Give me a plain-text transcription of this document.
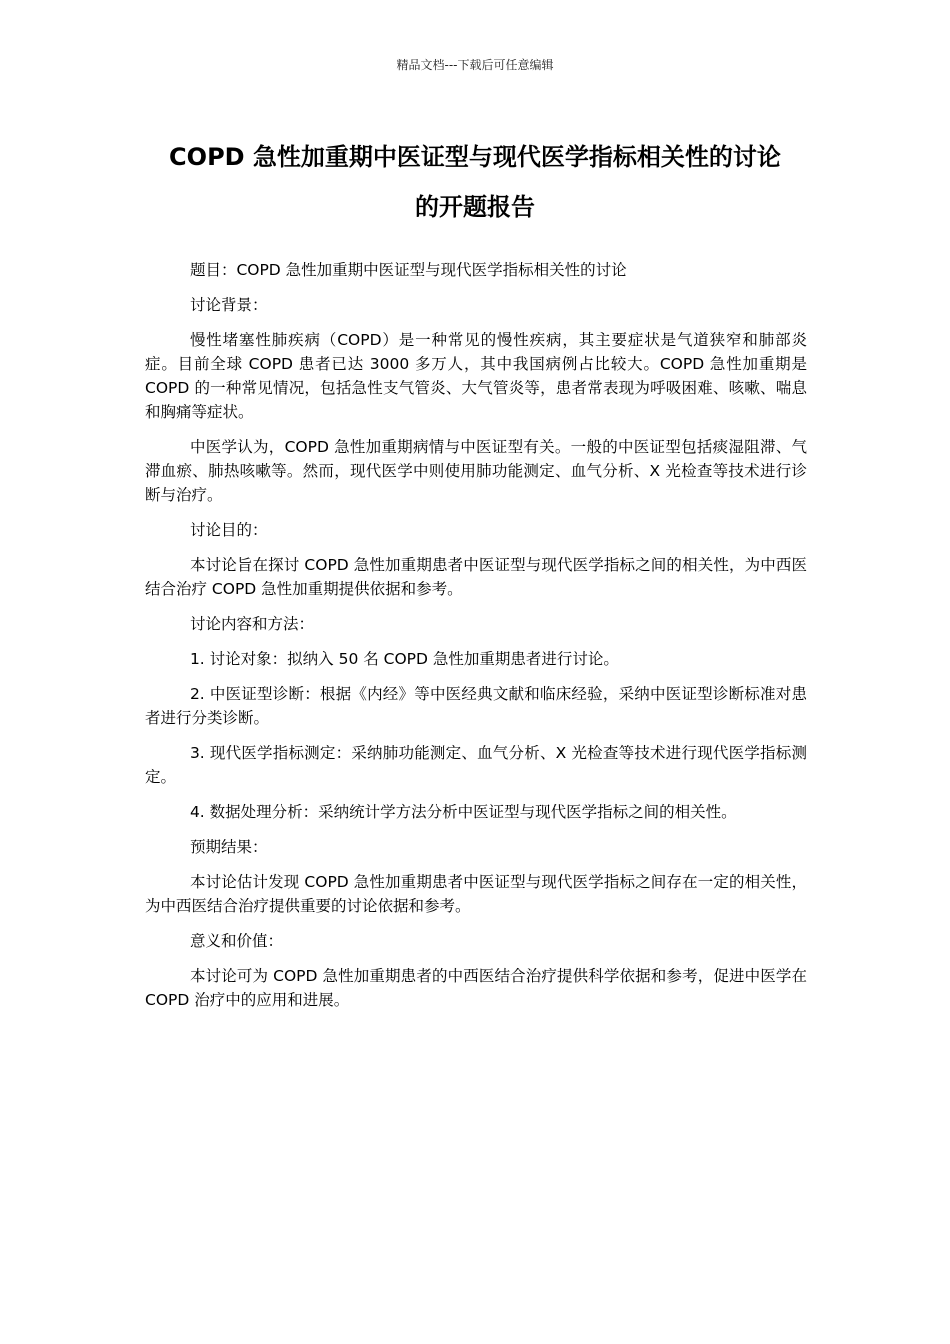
精品文档---下载后可任意编辑
COPD 急性加重期中医证型与现代医学指标相关性的讨论
的开题报告

题目：COPD 急性加重期中医证型与现代医学指标相关性的讨论

讨论背景：

慢性堵塞性肺疾病（COPD）是一种常见的慢性疾病，其主要症状是气道狭窄和肺部炎症。目前全球 COPD 患者已达 3000 多万人，其中我国病例占比较大。COPD 急性加重期是 COPD 的一种常见情况，包括急性支气管炎、大气管炎等，患者常表现为呼吸困难、咳嗽、喘息和胸痛等症状。

中医学认为，COPD 急性加重期病情与中医证型有关。一般的中医证型包括痰湿阻滞、气滞血瘀、肺热咳嗽等。然而，现代医学中则使用肺功能测定、血气分析、X 光检查等技术进行诊断与治疗。

讨论目的：

本讨论旨在探讨 COPD 急性加重期患者中医证型与现代医学指标之间的相关性，为中西医结合治疗 COPD 急性加重期提供依据和参考。

讨论内容和方法：

1. 讨论对象：拟纳入 50 名 COPD 急性加重期患者进行讨论。

2. 中医证型诊断：根据《内经》等中医经典文献和临床经验，采纳中医证型诊断标准对患者进行分类诊断。

3. 现代医学指标测定：采纳肺功能测定、血气分析、X 光检查等技术进行现代医学指标测定。

4. 数据处理分析：采纳统计学方法分析中医证型与现代医学指标之间的相关性。

预期结果：

本讨论估计发现 COPD 急性加重期患者中医证型与现代医学指标之间存在一定的相关性，为中西医结合治疗提供重要的讨论依据和参考。

意义和价值：

本讨论可为 COPD 急性加重期患者的中西医结合治疗提供科学依据和参考，促进中医学在 COPD 治疗中的应用和进展。
